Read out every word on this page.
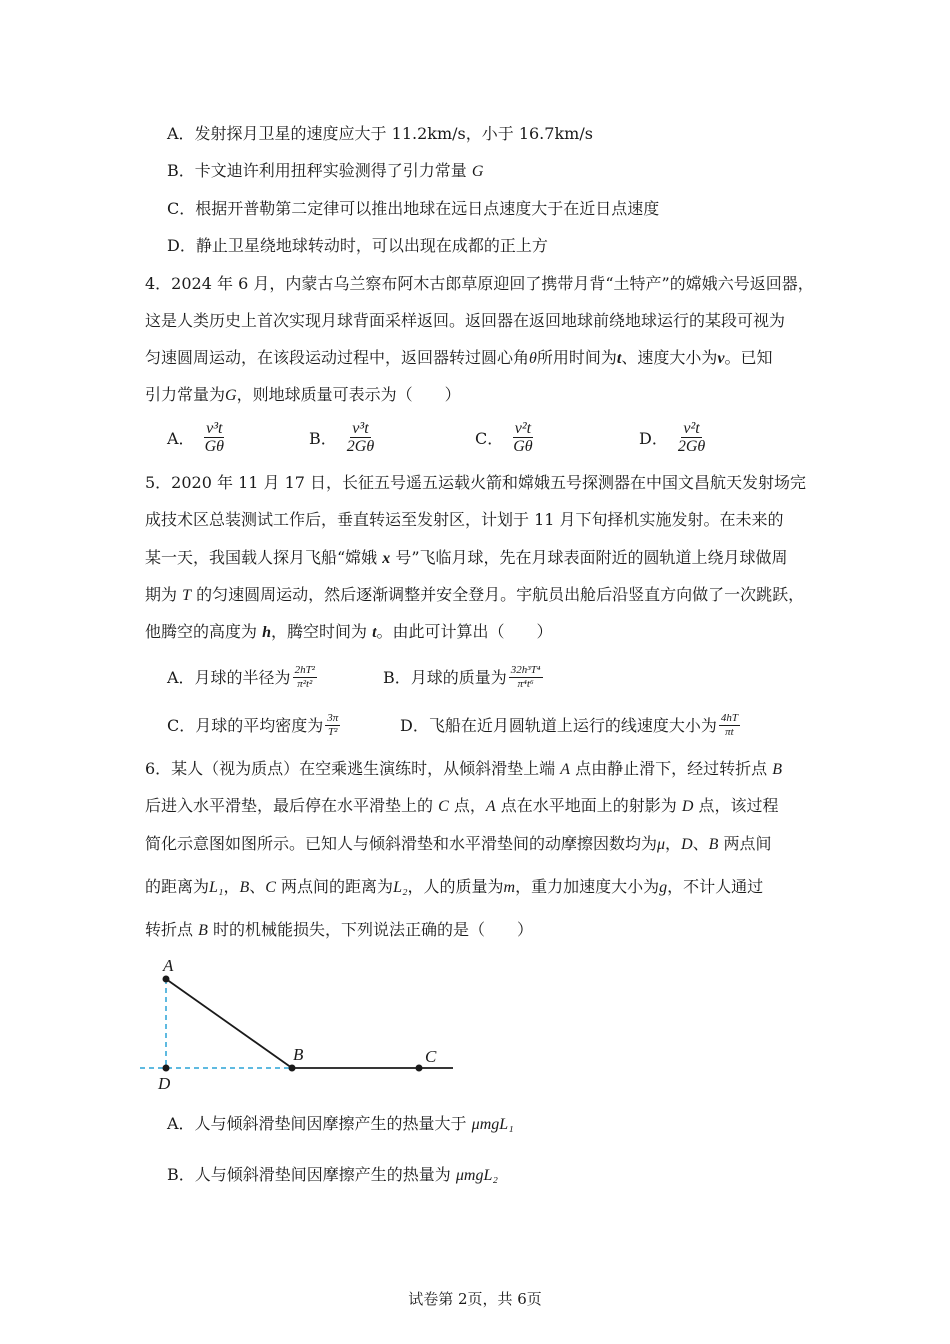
A．发射探月卫星的速度应大于 11.2km/s，小于 16.7km/s
B．卡文迪许利用扭秤实验测得了引力常量 G
C．根据开普勒第二定律可以推出地球在远日点速度大于在近日点速度
D．静止卫星绕地球转动时，可以出现在成都的正上方
4．2024 年 6 月，内蒙古乌兰察布阿木古郎草原迎回了携带月背“土特产”的嫦娥六号返回器，
这是人类历史上首次实现月球背面采样返回。返回器在返回地球前绕地球运行的某段可视为
匀速圆周运动，在该段运动过程中，返回器转过圆心角θ所用时间为t、速度大小为v。已知
引力常量为G，则地球质量可表示为（　　）
A． $\frac{\text{v³t}}{G\theta}$	B． $\frac{\text{v³t}}{2G\theta}$	C． $\frac{\text{v²t}}{G\theta}$	D． $\frac{\text{v²t}}{2G\theta}$
5．2020 年 11 月 17 日，长征五号遥五运载火箭和嫦娥五号探测器在中国文昌航天发射场完
成技术区总装测试工作后，垂直转运至发射区，计划于 11 月下旬择机实施发射。在未来的
某一天，我国载人探月飞船“嫦娥 x 号”飞临月球，先在月球表面附近的圆轨道上绕月球做周
期为 T 的匀速圆周运动，然后逐渐调整并安全登月。宇航员出舱后沿竖直方向做了一次跳跃，
他腾空的高度为 h，腾空时间为 t。由此可计算出（　　）
A．月球的半径为 $\frac{\text{2hT²}}{\text{π²t²}}$	B．月球的质量为 $\frac{\text{32h³T⁴}}{\text{π⁴t⁶}}$
C．月球的平均密度为 $\frac{3\pi}{\text{T²}}$	D．飞船在近月圆轨道上运行的线速度大小为 $\frac{4hT}{\pi t}$
6．某人（视为质点）在空乘逃生演练时，从倾斜滑垫上端 A 点由静止滑下，经过转折点 B
后进入水平滑垫，最后停在水平滑垫上的 C 点，A 点在水平地面上的射影为 D 点，该过程
简化示意图如图所示。已知人与倾斜滑垫和水平滑垫间的动摩擦因数均为μ，D、B 两点间
的距离为L₁，B、C 两点间的距离为L₂，人的质量为m，重力加速度大小为g，不计人通过
转折点 B 时的机械能损失，下列说法正确的是（　　）
A
D
B	C
A．人与倾斜滑垫间因摩擦产生的热量大于 μmgL₁
B．人与倾斜滑垫间因摩擦产生的热量为 μmgL₂
试卷第 2页，共 6页
